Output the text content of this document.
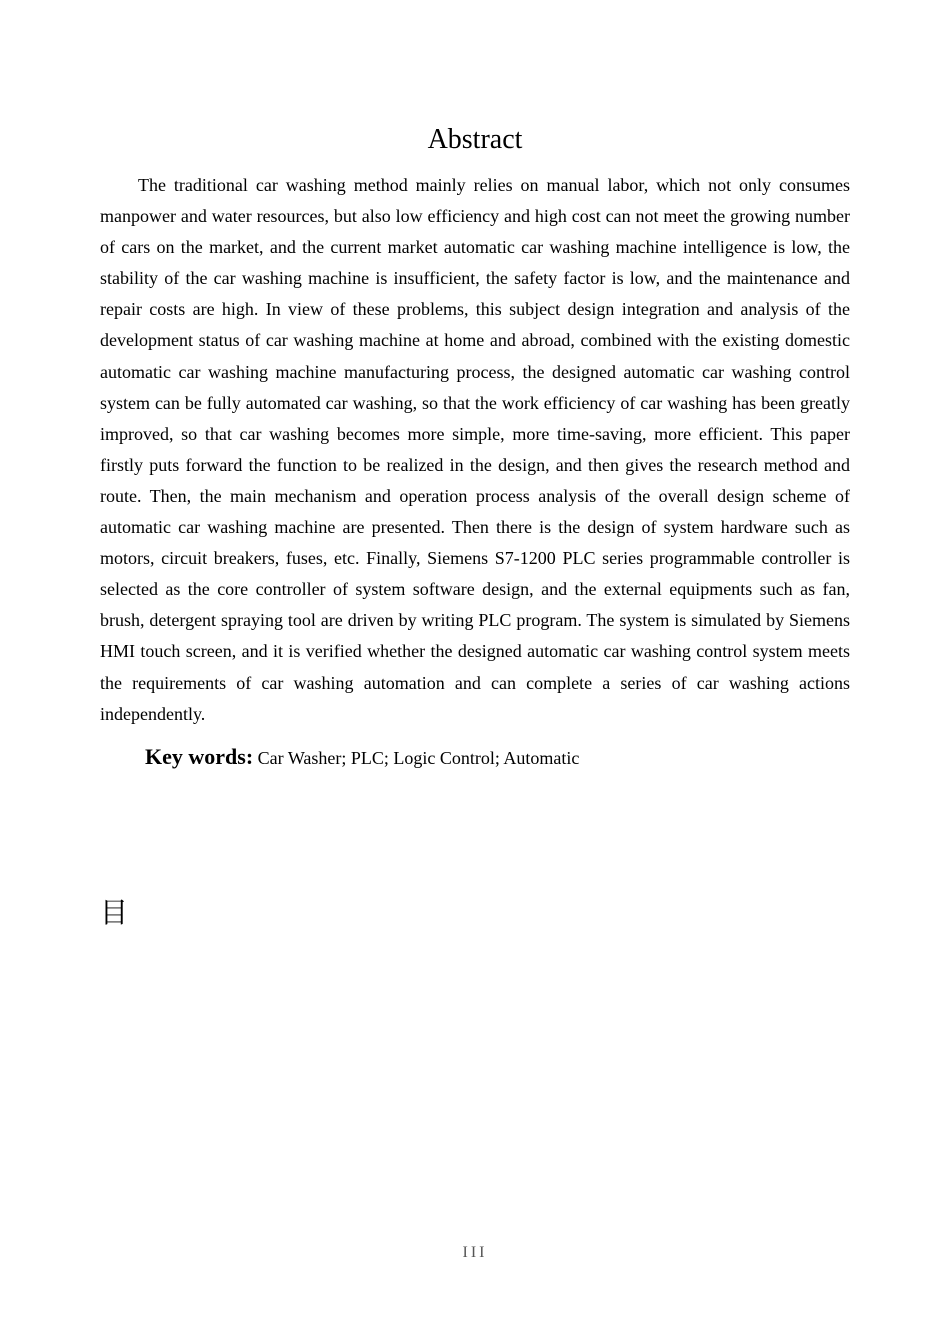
Abstract

The traditional car washing method mainly relies on manual labor, which not only consumes manpower and water resources, but also low efficiency and high cost can not meet the growing number of cars on the market, and the current market automatic car washing machine intelligence is low, the stability of the car washing machine is insufficient, the safety factor is low, and the maintenance and repair costs are high. In view of these problems, this subject design integration and analysis of the development status of car washing machine at home and abroad, combined with the existing domestic automatic car washing machine manufacturing process, the designed automatic car washing control system can be fully automated car washing, so that the work efficiency of car washing has been greatly improved, so that car washing becomes more simple, more time-saving, more efficient. This paper firstly puts forward the function to be realized in the design, and then gives the research method and route. Then, the main mechanism and operation process analysis of the overall design scheme of automatic car washing machine are presented. Then there is the design of system hardware such as motors, circuit breakers, fuses, etc. Finally, Siemens S7-1200 PLC series programmable controller is selected as the core controller of system software design, and the external equipments such as fan, brush, detergent spraying tool are driven by writing PLC program. The system is simulated by Siemens HMI touch screen, and it is verified whether the designed automatic car washing control system meets the requirements of car washing automation and can complete a series of car washing actions independently.

Key words: Car Washer; PLC; Logic Control; Automatic

目
III
